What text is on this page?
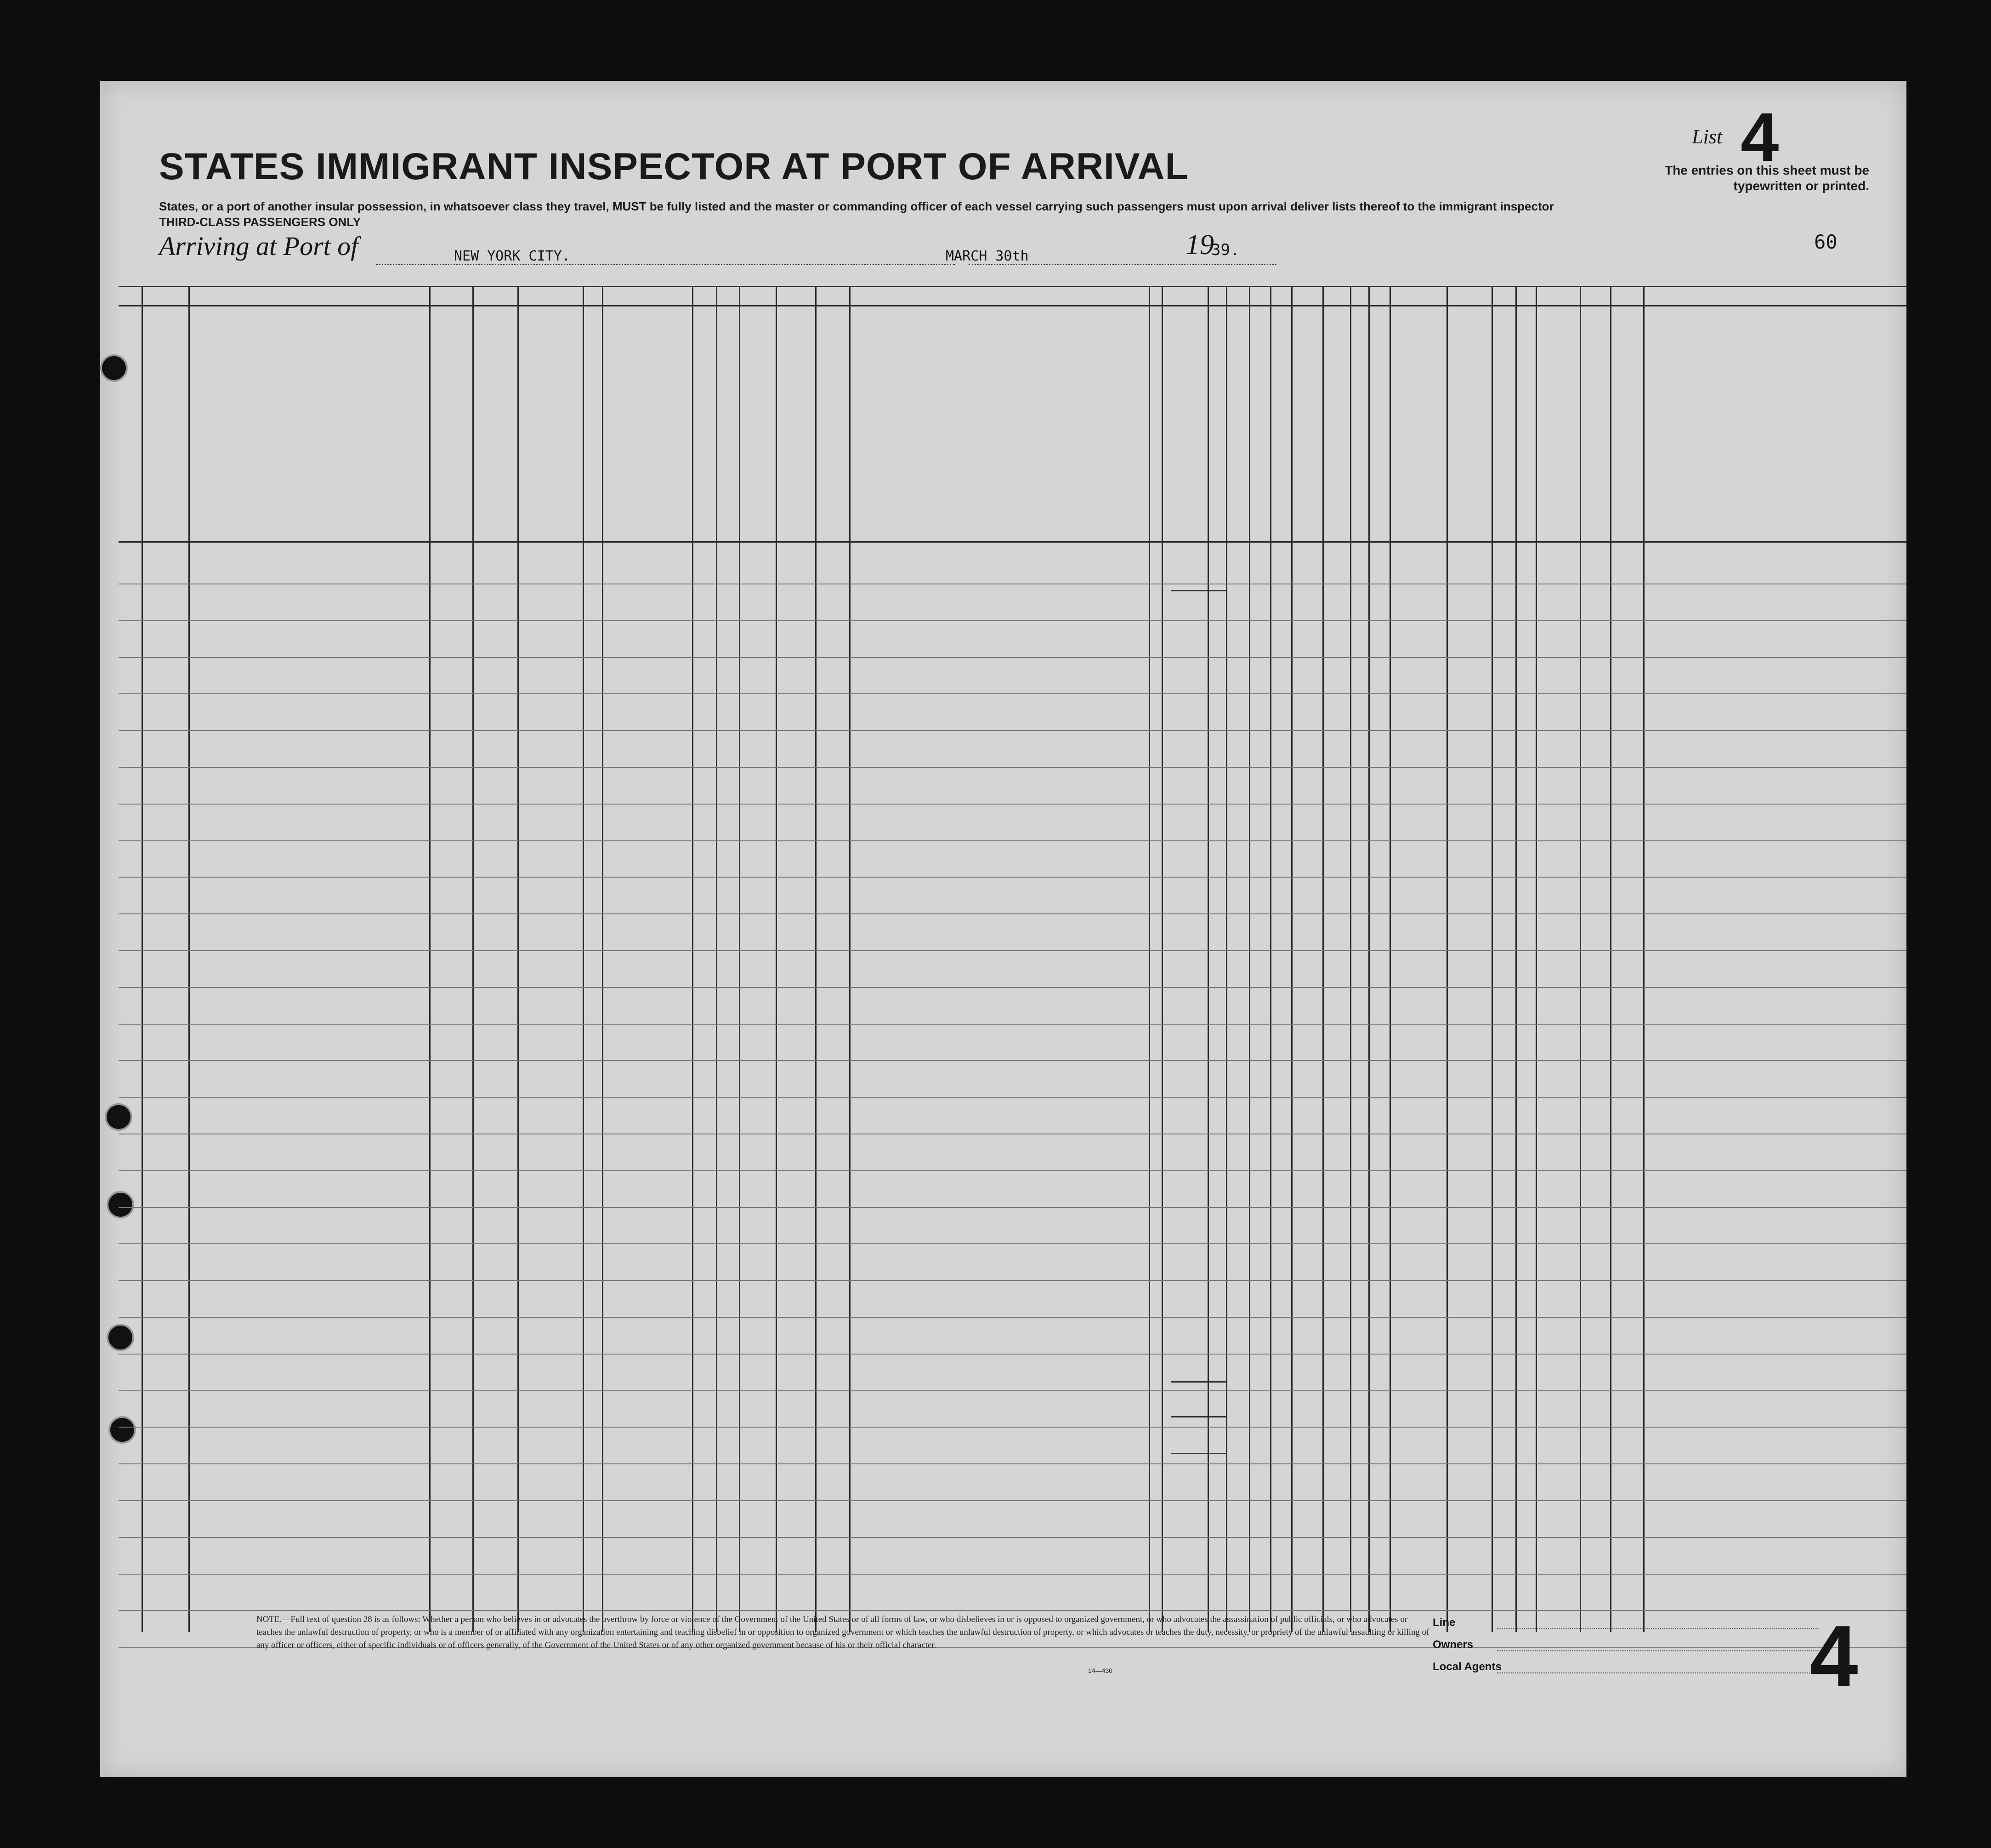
STATES IMMIGRANT INSPECTOR AT PORT OF ARRIVAL
States, or a port of another insular possession, in whatsoever class they travel, MUST be fully listed and the master or commanding officer of each vessel carrying such passengers must upon arrival deliver lists thereof to the immigrant inspector
THIRD-CLASS PASSENGERS ONLY
List 4
The entries on this sheet must be typewritten or printed.
60
Arriving at Port of	NEW YORK CITY.	MARCH 30th	19
39.
NOTE.—Full text of question 28 is as follows: Whether a person who believes in or advocates the overthrow by force or violence of the Government of the United States or of all forms of law, or who disbelieves in or is opposed to organized government, or who advocates the assassination of public officials, or who advocates or teaches the unlawful destruction of property, or who is a member of or affiliated with any organization entertaining and teaching disbelief in or opposition to organized government or which teaches the unlawful destruction of property, or which advocates or teaches the duty, necessity, or propriety of the unlawful assaulting or killing of any officer or officers, either of specific individuals or of officers generally, of the Government of the United States or of any other organized government because of his or their official character.
Line
Owners
Local Agents	4
14—430
